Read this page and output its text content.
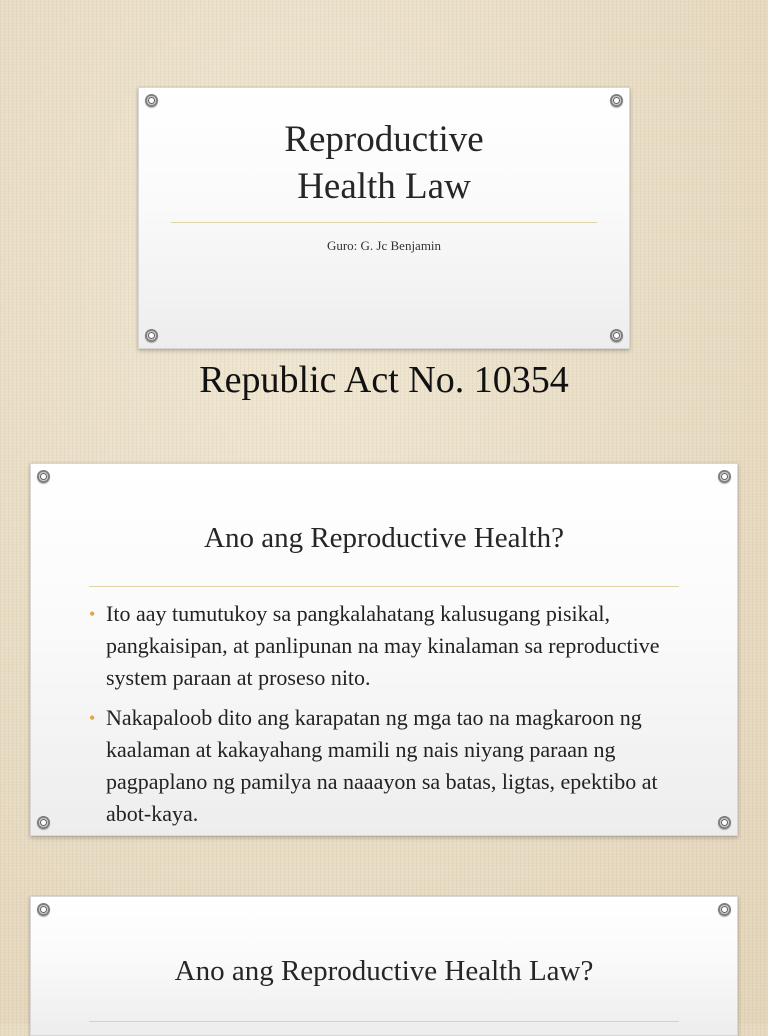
Reproductive
Health Law
Guro: G. Jc Benjamin
Republic Act No. 10354
Ano ang Reproductive Health?
• Ito aay tumutukoy sa pangkalahatang kalusugang pisikal, pangkaisipan, at panlipunan na may kinalaman sa reproductive system paraan at proseso nito.
• Nakapaloob dito ang karapatan ng mga tao na magkaroon ng kaalaman at kakayahang mamili ng nais niyang paraan ng pagpaplano ng pamilya na naaayon sa batas, ligtas, epektibo at abot-kaya.
Ano ang Reproductive Health Law?
